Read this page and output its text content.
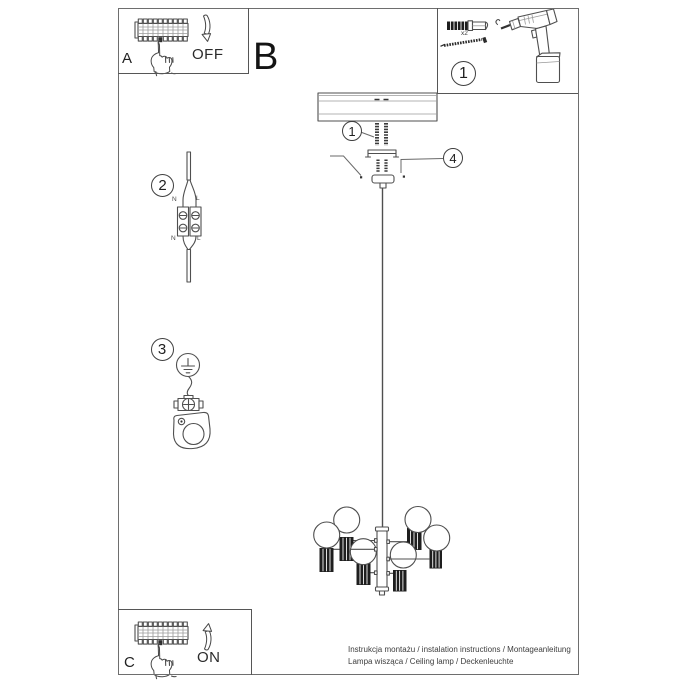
A	OFF B
C	ON
x2
1
1
4
2
3
N	L
N	L
Instrukcja montażu / instalation instructions / Montageanleitung
Lampa wisząca / Ceiling lamp / Deckenleuchte
